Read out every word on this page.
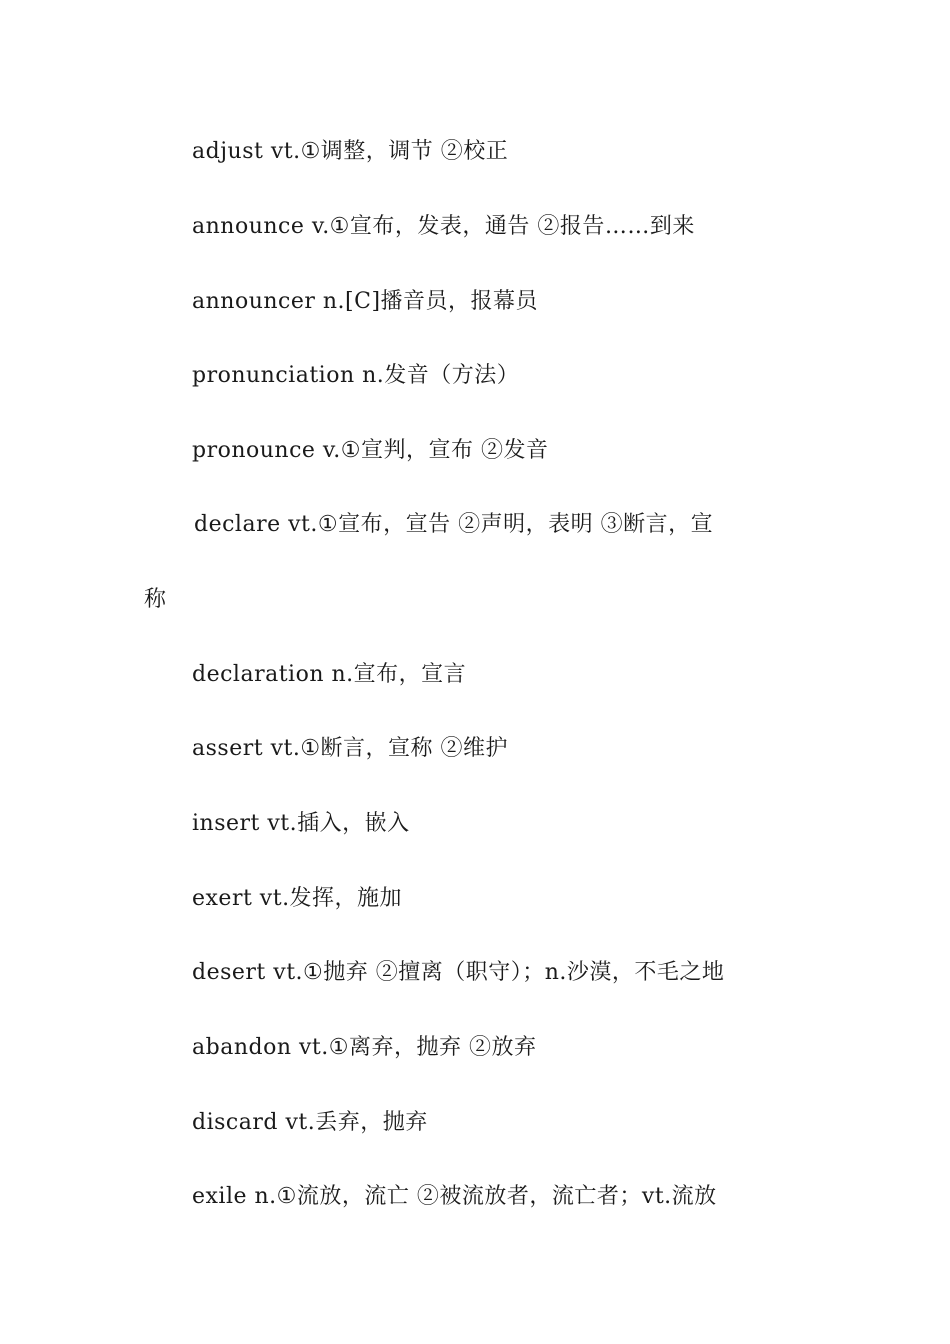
adjust vt.①调整，调节 ②校正
announce v.①宣布，发表，通告 ②报告……到来
announcer n.[C]播音员，报幕员
pronunciation n.发音（方法）
pronounce v.①宣判，宣布 ②发音
declare vt.①宣布，宣告 ②声明，表明 ③断言，宣
称
declaration n.宣布，宣言
assert vt.①断言，宣称 ②维护
insert vt.插入，嵌入
exert vt.发挥，施加
desert vt.①抛弃 ②擅离（职守）；n.沙漠，不毛之地
abandon vt.①离弃，抛弃 ②放弃
discard vt.丢弃，抛弃
exile n.①流放，流亡 ②被流放者，流亡者；vt.流放
